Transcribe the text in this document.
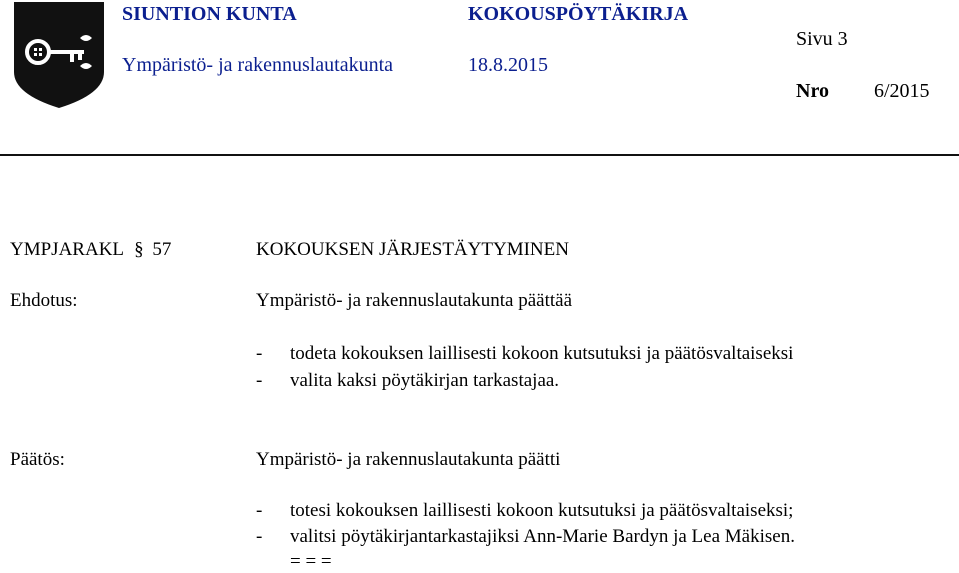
SIUNTION KUNTA	KOKOUSPÖYTÄKIRJA
Ympäristö- ja rakennuslautakunta	18.8.2015
Sivu 3
Nro 6/2015
YMPJARAKL § 57	KOKOUKSEN JÄRJESTÄYTYMINEN
Ehdotus:	Ympäristö- ja rakennuslautakunta päättää
- todeta kokouksen laillisesti kokoon kutsutuksi ja päätösvaltaiseksi
- valita kaksi pöytäkirjan tarkastajaa.
Päätös:	Ympäristö- ja rakennuslautakunta päätti
- totesi kokouksen laillisesti kokoon kutsutuksi ja päätösvaltaiseksi;
- valitsi pöytäkirjantarkastajiksi Ann-Marie Bardyn ja Lea Mäkisen.
= = =
